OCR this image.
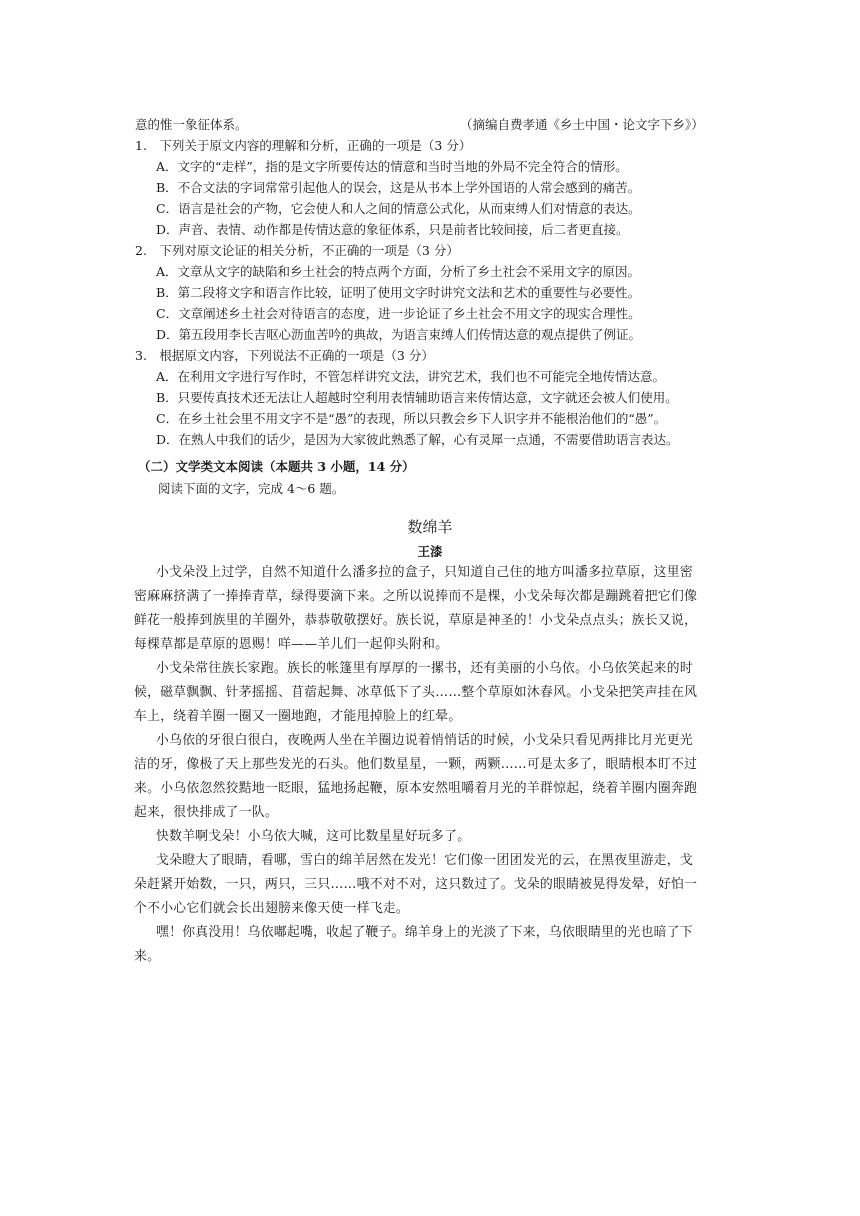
意的惟一象征体系。	（摘编自费孝通《乡土中国・论文字下乡》）
1.　下列关于原文内容的理解和分析，正确的一项是（3 分）
A．文字的“走样”，指的是文字所要传达的情意和当时当地的外局不完全符合的情形。
B．不合文法的字词常常引起他人的误会，这是从书本上学外国语的人常会感到的痛苦。
C．语言是社会的产物，它会使人和人之间的情意公式化，从而束缚人们对情意的表达。
D．声音、表情、动作都是传情达意的象征体系，只是前者比较间接，后二者更直接。
2.　下列对原文论证的相关分析，不正确的一项是（3 分）
A．文章从文字的缺陷和乡土社会的特点两个方面，分析了乡土社会不采用文字的原因。
B．第二段将文字和语言作比较，证明了使用文字时讲究文法和艺术的重要性与必要性。
C．文章阐述乡土社会对待语言的态度，进一步论证了乡土社会不用文字的现实合理性。
D．第五段用李长吉呕心沥血苦吟的典故，为语言束缚人们传情达意的观点提供了例证。
3.　根据原文内容，下列说法不正确的一项是（3 分）
A．在利用文字进行写作时，不管怎样讲究文法，讲究艺术，我们也不可能完全地传情达意。
B．只要传真技术还无法让人超越时空利用表情辅助语言来传情达意，文字就还会被人们使用。
C．在乡土社会里不用文字不是“愚”的表现，所以只教会乡下人识字并不能根治他们的“愚”。
D．在熟人中我们的话少，是因为大家彼此熟悉了解，心有灵犀一点通，不需要借助语言表达。
（二）文学类文本阅读（本题共 3 小题，14 分）
阅读下面的文字，完成 4～6 题。
数绵羊
王漆
小戈朵没上过学，自然不知道什么潘多拉的盒子，只知道自己住的地方叫潘多拉草原，这里密
密麻麻挤满了一捧捧青草，绿得要滴下来。之所以说捧而不是棵，小戈朵每次都是蹦跳着把它们像
鲜花一般捧到族里的羊圈外，恭恭敬敬摆好。族长说，草原是神圣的！小戈朵点点头；族长又说，
每棵草都是草原的恩赐！咩——羊儿们一起仰头附和。
小戈朵常往族长家跑。族长的帐篷里有厚厚的一摞书，还有美丽的小乌依。小乌依笑起来的时
候，磁草飘飘、针茅摇摇、苜蓿起舞、冰草低下了头……整个草原如沐春风。小戈朵把笑声挂在风
车上，绕着羊圈一圈又一圈地跑，才能甩掉脸上的红晕。
小乌依的牙很白很白，夜晚两人坐在羊圈边说着悄悄话的时候，小戈朵只看见两排比月光更光
洁的牙，像极了天上那些发光的石头。他们数星星，一颗，两颗……可是太多了，眼睛根本盯不过
来。小乌依忽然狡黠地一眨眼，猛地扬起鞭，原本安然咀嚼着月光的羊群惊起，绕着羊圈内圈奔跑
起来，很快排成了一队。
快数羊啊戈朵！小乌依大喊，这可比数星星好玩多了。
戈朵瞪大了眼睛，看哪，雪白的绵羊居然在发光！它们像一团团发光的云，在黑夜里游走，戈
朵赶紧开始数，一只，两只，三只……哦不对不对，这只数过了。戈朵的眼睛被晃得发晕，好怕一
个不小心它们就会长出翅膀来像天使一样飞走。
嘿！你真没用！乌依嘟起嘴，收起了鞭子。绵羊身上的光淡了下来，乌依眼睛里的光也暗了下
来。
